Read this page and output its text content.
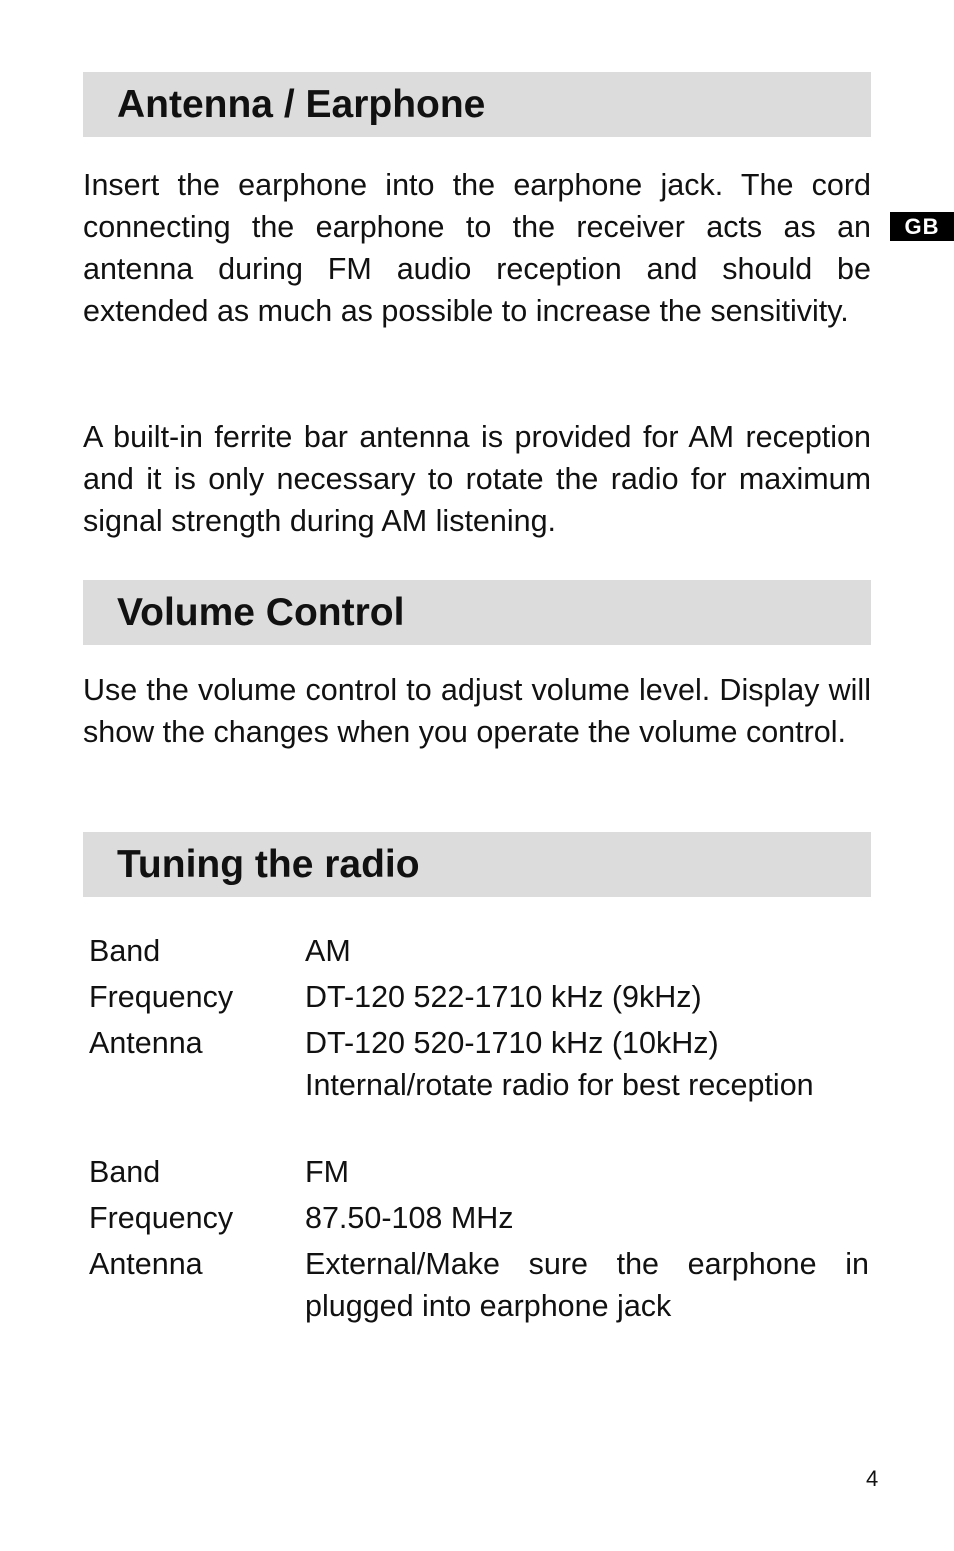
Antenna / Earphone
GB

Insert the earphone into the earphone jack. The cord connecting the earphone to the receiver acts as an antenna during FM audio reception and should be extended as much as possible to increase the sensitivity.

A built-in ferrite bar antenna is provided for AM reception and it is only necessary to rotate the radio for maximum signal strength during AM listening.

Volume Control

Use the volume control to adjust volume level. Display will show the changes when you operate the volume control.

Tuning the radio
Band	AM
Frequency	DT-120 522-1710 kHz (9kHz)
Antenna	DT-120 520-1710 kHz (10kHz)
Internal/rotate radio for best reception
Band	FM
Frequency	87.50-108 MHz
Antenna	External/Make sure the earphone in plugged into earphone jack
4
